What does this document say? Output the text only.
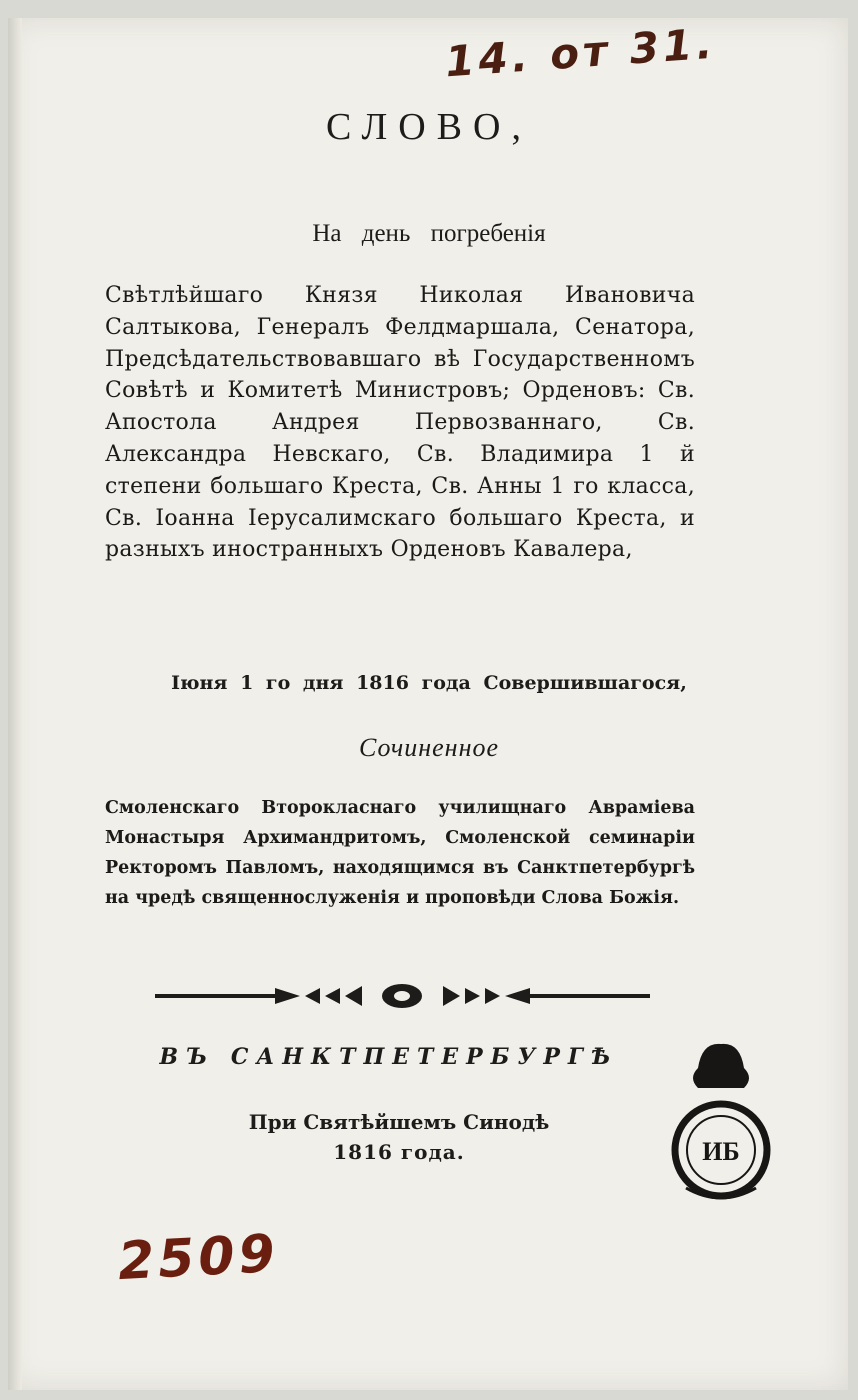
14. от 31.
СЛОВО,
На день погребенія
Свѣтлѣйшаго Князя Николая Ивановича Салтыкова, Генералъ Фелдмаршала, Сенатора, Предсѣдательствовавшаго вѣ Государственномъ Совѣтѣ и Комитетѣ Министровъ; Орденовъ: Св. Апостола Андрея Первозваннаго, Св. Александра Невскаго, Св. Владимира 1 й степени большаго Креста, Св. Анны 1 го класса, Св. Іоанна Іерусалимскаго большаго Креста, и разныхъ иностранныхъ Орденовъ Кавалера,
Іюня 1 го дня 1816 года Совершившагося,
Сочиненное
Смоленскаго Второкласнаго училищнаго Авраміева Монастыря Архимандритомъ, Смоленской семинаріи Ректоромъ Павломъ, находящимся въ Санктпетербургѣ на чредѣ священнослуженія и проповѣди Слова Божія.
ВЪ САНКТПЕТЕРБУРГѢ
При Святѣйшемъ Синодѣ
1816 года.	ИБ
2509
